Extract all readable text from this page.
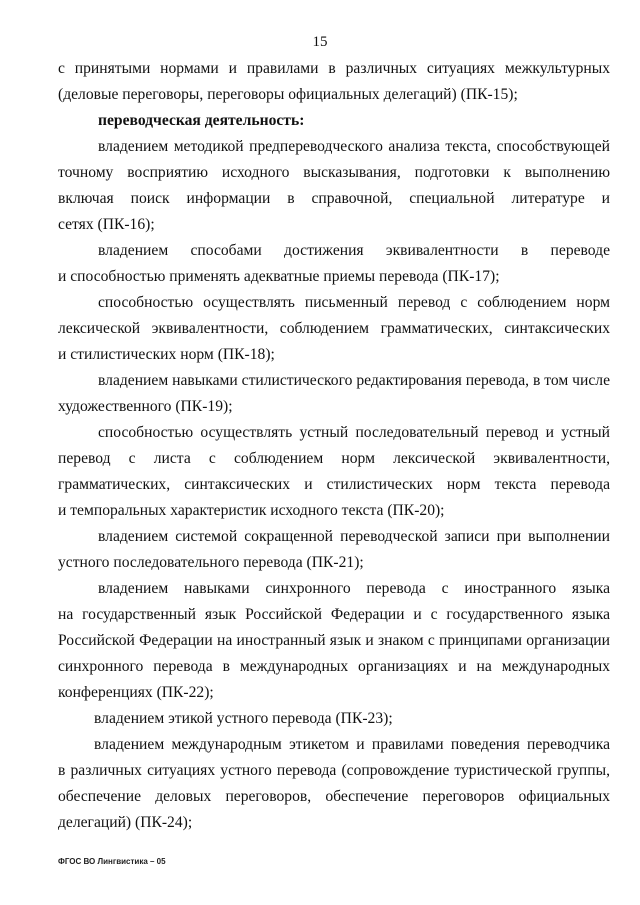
15
с принятыми нормами и правилами в различных ситуациях межкультурных
(деловые переговоры, переговоры официальных делегаций) (ПК-15);
переводческая деятельность:
владением методикой предпереводческого анализа текста, способствующей
точному восприятию исходного высказывания, подготовки к выполнению
включая поиск информации в справочной, специальной литературе и
сетях (ПК-16);
владением способами достижения эквивалентности в переводе
и способностью применять адекватные приемы перевода (ПК-17);
способностью осуществлять письменный перевод с соблюдением норм
лексической эквивалентности, соблюдением грамматических, синтаксических
и стилистических норм (ПК-18);
владением навыками стилистического редактирования перевода, в том числе
художественного (ПК-19);
способностью осуществлять устный последовательный перевод и устный
перевод с листа с соблюдением норм лексической эквивалентности,
грамматических, синтаксических и стилистических норм текста перевода
и темпоральных характеристик исходного текста (ПК-20);
владением системой сокращенной переводческой записи при выполнении
устного последовательного перевода (ПК-21);
владением навыками синхронного перевода с иностранного языка
на государственный язык Российской Федерации и с государственного языка
Российской Федерации на иностранный язык и знаком с принципами организации
синхронного перевода в международных организациях и на международных
конференциях (ПК-22);
владением этикой устного перевода (ПК-23);
владением международным этикетом и правилами поведения переводчика
в различных ситуациях устного перевода (сопровождение туристической группы,
обеспечение деловых переговоров, обеспечение переговоров официальных
делегаций) (ПК-24);
ФГОС ВО Лингвистика – 05
